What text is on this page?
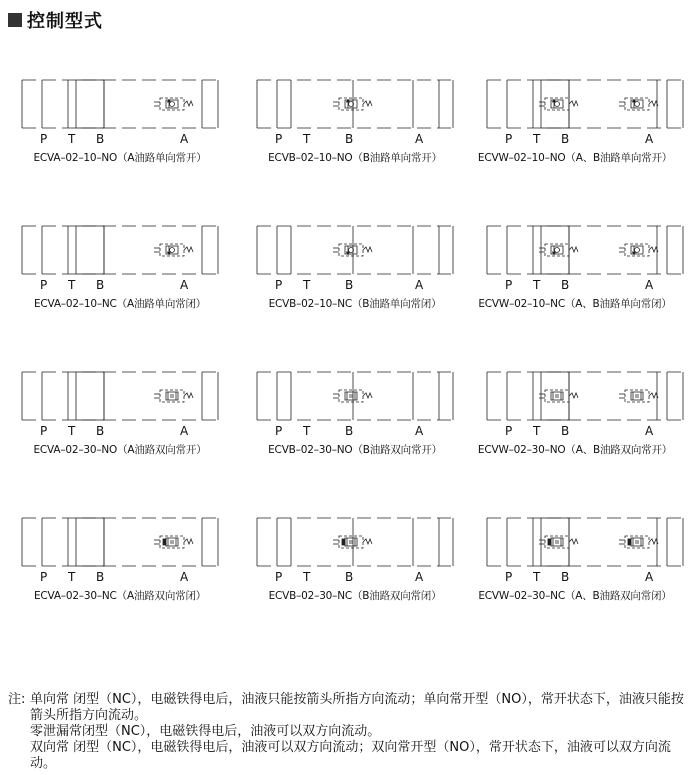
控制型式
P T B	A
ECVA–02–10–NO（A油路单向常开）
P T	B	A
ECVB–02–10–NO（B油路单向常开）
P T B	A
ECVW–02–10–NO（A、B油路单向常开）
P T B	A
ECVA–02–10–NC（A油路单向常闭）
P T	B	A
ECVB–02–10–NC（B油路单向常闭）
P T B	A
ECVW–02–10–NC（A、B油路单向常闭）
P T B	A
ECVA–02–30–NO（A油路双向常开）
P T	B	A
ECVB–02–30–NO（B油路双向常开）
P T B	A
ECVW–02–30–NO（A、B油路双向常开）
P T B	A
ECVA–02–30–NC（A油路双向常闭）
P T	B	A
ECVB–02–30–NC（B油路双向常闭）
P T B	A
ECVW–02–30–NC（A、B油路双向常闭）
注: 单向常 闭型（NC），电磁铁得电后，油液只能按箭头所指方向流动；单向常开型（NO），常开状态下，油液只能按箭头所指方向流动。
零泄漏常闭型（NC），电磁铁得电后，油液可以双方向流动。
双向常 闭型（NC），电磁铁得电后，油液可以双方向流动；双向常开型（NO），常开状态下，油液可以双方向流动。
